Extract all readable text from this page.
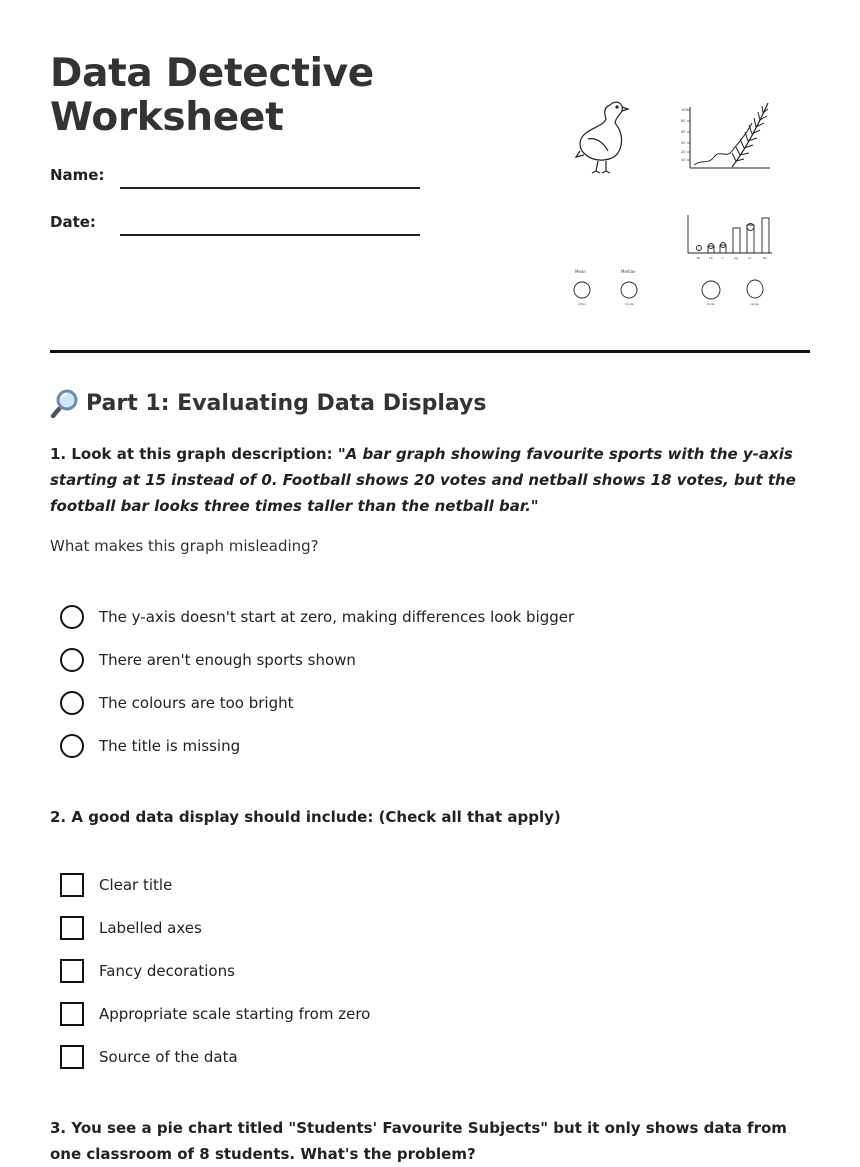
Data Detective Worksheet
Name:
Date:
100
80
60
40
20
10
Br	Fb	T	Ag	Ac	Ba
Mean	Median
other	mode	mode	range
Part 1: Evaluating Data Displays
1. Look at this graph description: "A bar graph showing favourite sports with the y-axis starting at 15 instead of 0. Football shows 20 votes and netball shows 18 votes, but the football bar looks three times taller than the netball bar."
What makes this graph misleading?
The y-axis doesn't start at zero, making differences look bigger
There aren't enough sports shown
The colours are too bright
The title is missing
2. A good data display should include: (Check all that apply)
Clear title
Labelled axes
Fancy decorations
Appropriate scale starting from zero
Source of the data
3. You see a pie chart titled "Students' Favourite Subjects" but it only shows data from one classroom of 8 students. What's the problem?
